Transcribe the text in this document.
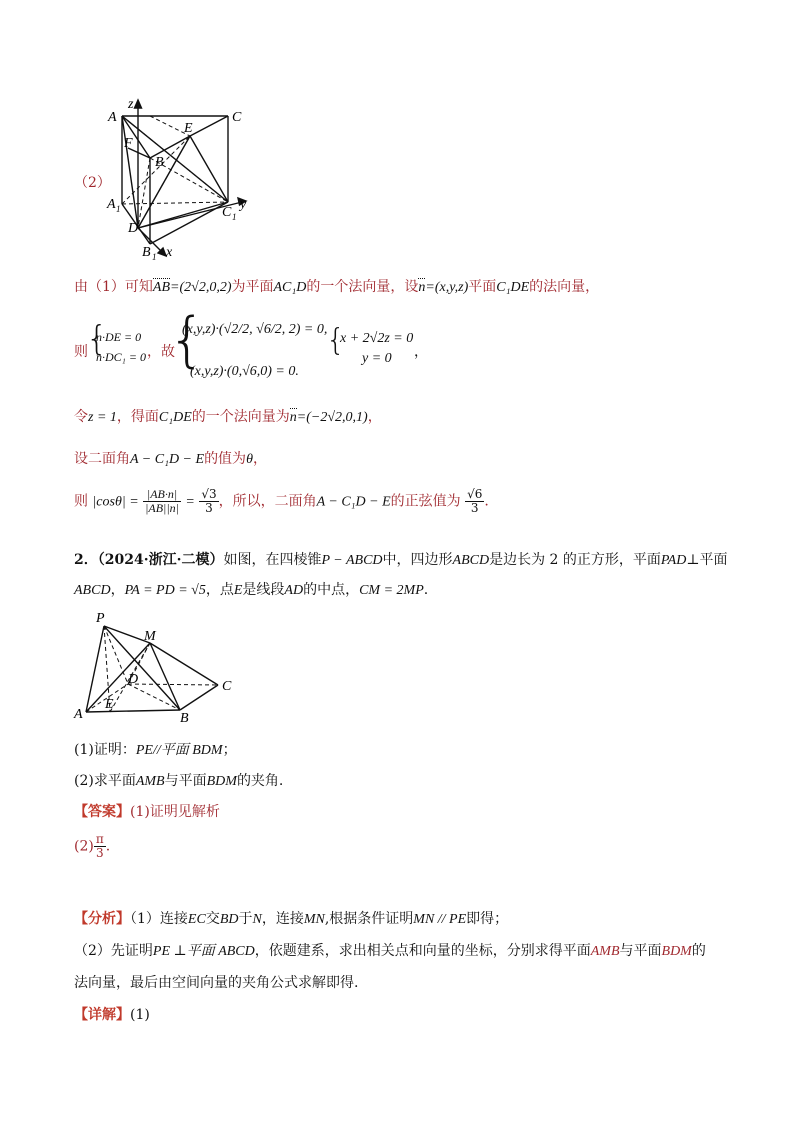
A
z
C
E
F
B
A 1	C 1
y
D
B 1 x
（2）
由（1）可知AB=(2√2,0,2)为平面AC₁D的一个法向量，设n=(x,y,z)平面C₁DE的法向量，
则
{
n·DE = 0
n·DC₁ = 0 ，故
{
(x,y,z)·(√2/2, √6/2, 2) = 0,
(x,y,z)·(0,√6,0) = 0.
{
x + 2√2z = 0
y = 0 ，
令z = 1，得面C₁DE的一个法向量为n=(−2√2,0,1)，
设二面角A − C₁D − E的值为θ，
则 $|\cos\theta| = \frac{|AB\cdot n|}{|AB||n|} = \frac{√3}{3}$ ，所以，二面角A − C₁D − E的正弦值为 $\frac{√6}{3}$ .
2．（2024·浙江·二模）如图，在四棱锥P − ABCD中，四边形ABCD是边长为 2 的正方形，平面PAD⊥平面
ABCD，PA = PD = √5，点E是线段AD的中点，CM = 2MP.
P
M
D	C
A
E
B
(1)证明：PE//平面 BDM；
(2)求平面AMB与平面BDM的夹角.
【答案】(1)证明见解析
$(2) \frac{\pi}{3}$ .
【分析】（1）连接EC交BD于N，连接MN,根据条件证明MN // PE即得；
（2）先证明PE ⊥平面 ABCD，依题建系，求出相关点和向量的坐标，分别求得平面AMB与平面BDM的
法向量，最后由空间向量的夹角公式求解即得.
【详解】(1)
